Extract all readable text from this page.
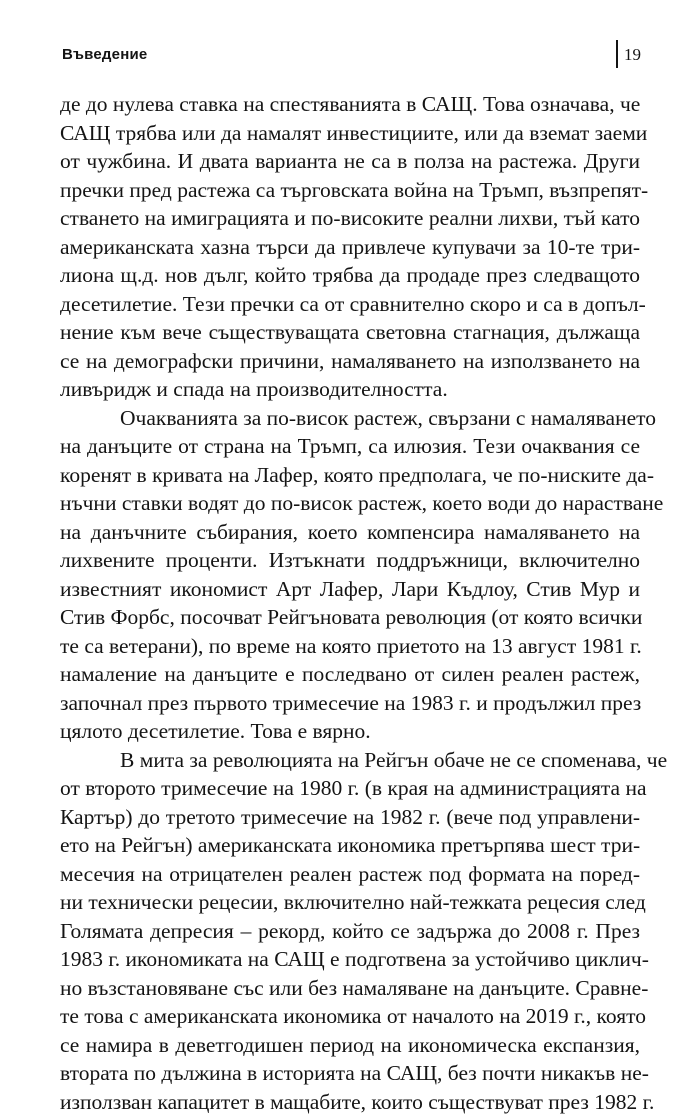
Въведение	19
де до нулева ставка на спестяванията в САЩ. Това означава, че
САЩ трябва или да намалят инвестициите, или да вземат заеми
от чужбина. И двата варианта не са в полза на растежа. Други
пречки пред растежа са търговската война на Тръмп, възпрепят-
стването на имиграцията и по-високите реални лихви, тъй като
американската хазна търси да привлече купувачи за 10-те три-
лиона щ.д. нов дълг, който трябва да продаде през следващото
десетилетие. Тези пречки са от сравнително скоро и са в допъл-
нение към вече съществуващата световна стагнация, дължаща
се на демографски причини, намаляването на използването на
ливъридж и спада на производителността.
Очакванията за по-висок растеж, свързани с намаляването
на данъците от страна на Тръмп, са илюзия. Тези очаквания се
коренят в кривата на Лафер, която предполага, че по-ниските да-
нъчни ставки водят до по-висок растеж, което води до нарастване
на данъчните събирания, което компенсира намаляването на
лихвените проценти. Изтъкнати поддръжници, включително
известният икономист Арт Лафер, Лари Къдлоу, Стив Мур и
Стив Форбс, посочват Рейгъновата революция (от която всички
те са ветерани), по време на която приетото на 13 август 1981 г.
намаление на данъците е последвано от силен реален растеж,
започнал през първото тримесечие на 1983 г. и продължил през
цялото десетилетие. Това е вярно.
В мита за революцията на Рейгън обаче не се споменава, че
от второто тримесечие на 1980 г. (в края на администрацията на
Картър) до третото тримесечие на 1982 г. (вече под управлени-
ето на Рейгън) американската икономика претърпява шест три-
месечия на отрицателен реален растеж под формата на поред-
ни технически рецесии, включително най-тежката рецесия след
Голямата депресия – рекорд, който се задържа до 2008 г. През
1983 г. икономиката на САЩ е подготвена за устойчиво циклич-
но възстановяване със или без намаляване на данъците. Сравне-
те това с американската икономика от началото на 2019 г., която
се намира в деветгодишен период на икономическа експанзия,
втората по дължина в историята на САЩ, без почти никакъв не-
използван капацитет в мащабите, които съществуват през 1982 г.
